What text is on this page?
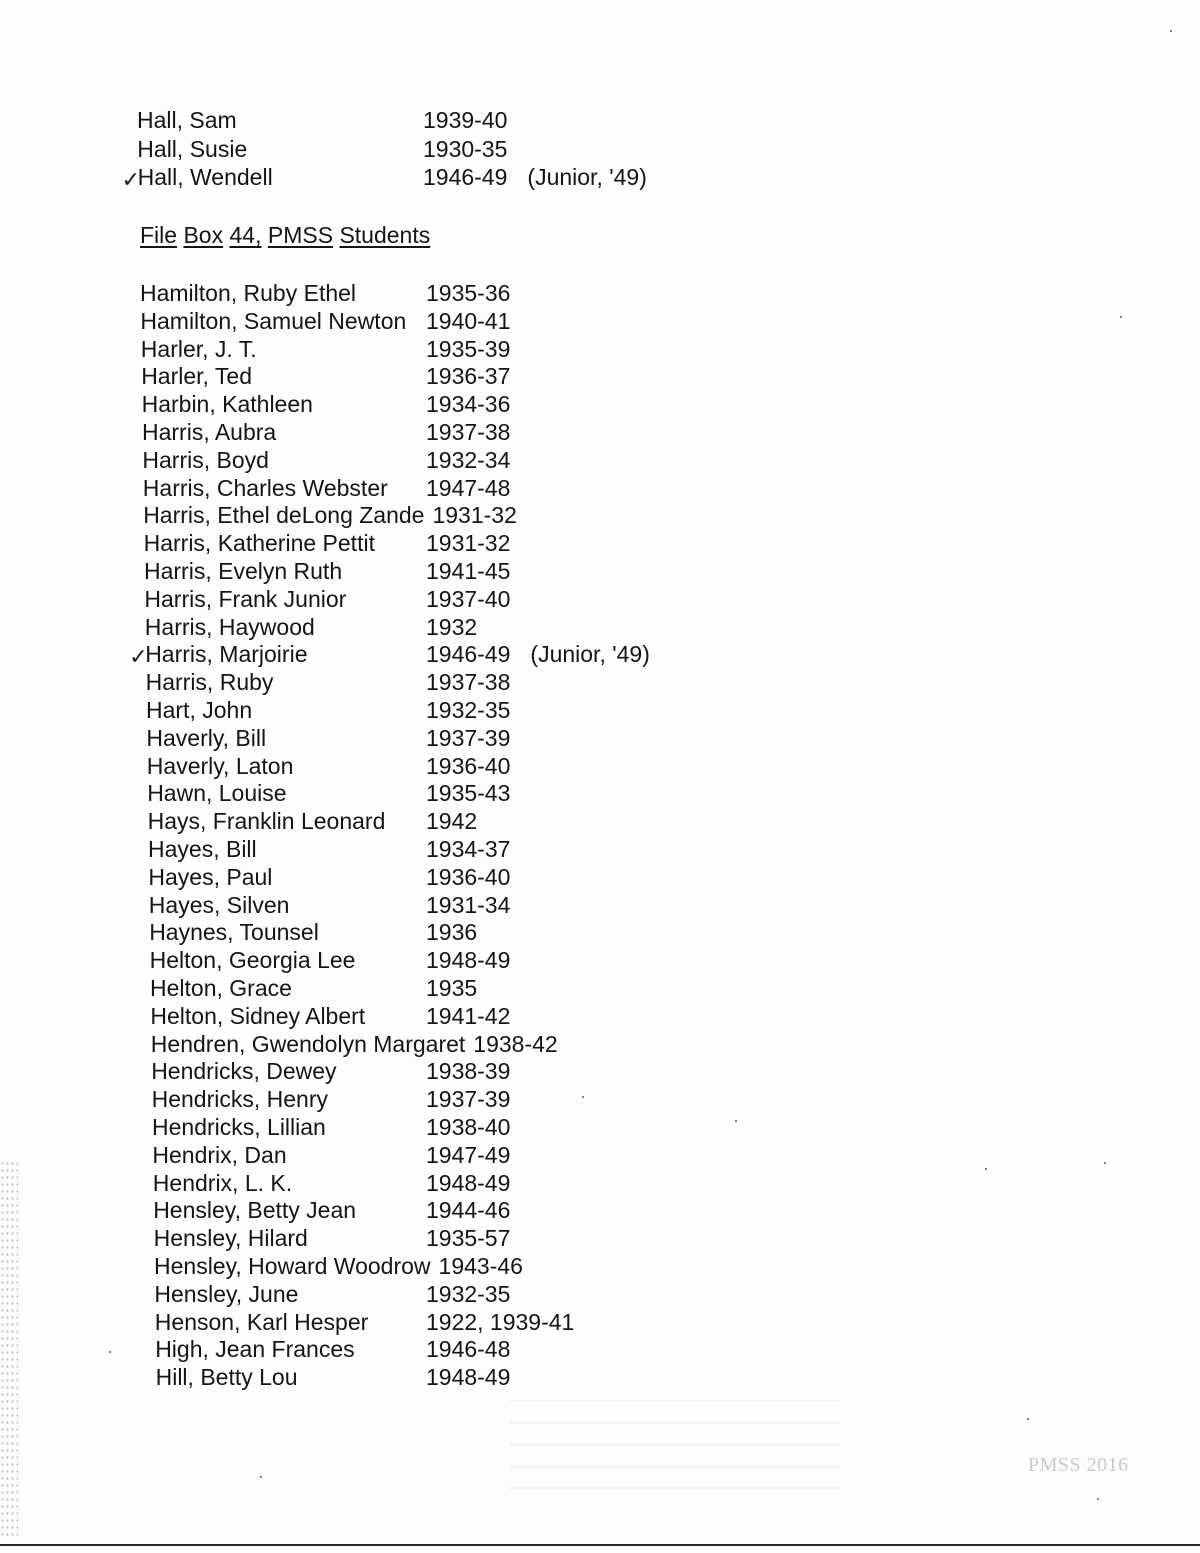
Hall, Sam	1939-40
Hall, Susie	1930-35
Hall, Wendell	1946-49 (Junior, '49)
✓
File Box 44, PMSS Students
Hamilton, Ruby Ethel	1935-36
Hamilton, Samuel Newton 1940-41
Harler, J. T.	1935-39
Harler, Ted	1936-37
Harbin, Kathleen	1934-36
Harris, Aubra	1937-38
Harris, Boyd	1932-34
Harris, Charles Webster 1947-48
Harris, Ethel deLong Zande 1931-32
Harris, Katherine Pettit 1931-32
Harris, Evelyn Ruth	1941-45
Harris, Frank Junior	1937-40
Harris, Haywood	1932
Harris, Marjoirie	1946-49 (Junior, '49)
✓
Harris, Ruby	1937-38
Hart, John	1932-35
Haverly, Bill	1937-39
Haverly, Laton	1936-40
Hawn, Louise	1935-43
Hays, Franklin Leonard 1942
Hayes, Bill	1934-37
Hayes, Paul	1936-40
Hayes, Silven	1931-34
Haynes, Tounsel	1936
Helton, Georgia Lee	1948-49
Helton, Grace	1935
Helton, Sidney Albert	1941-42
Hendren, Gwendolyn Margaret 1938-42
Hendricks, Dewey	1938-39
Hendricks, Henry	1937-39
Hendricks, Lillian	1938-40
Hendrix, Dan	1947-49
Hendrix, L. K.	1948-49
Hensley, Betty Jean	1944-46
Hensley, Hilard	1935-57
Hensley, Howard Woodrow 1943-46
Hensley, June	1932-35
Henson, Karl Hesper	1922, 1939-41
High, Jean Frances	1946-48
Hill, Betty Lou	1948-49
PMSS 2016
